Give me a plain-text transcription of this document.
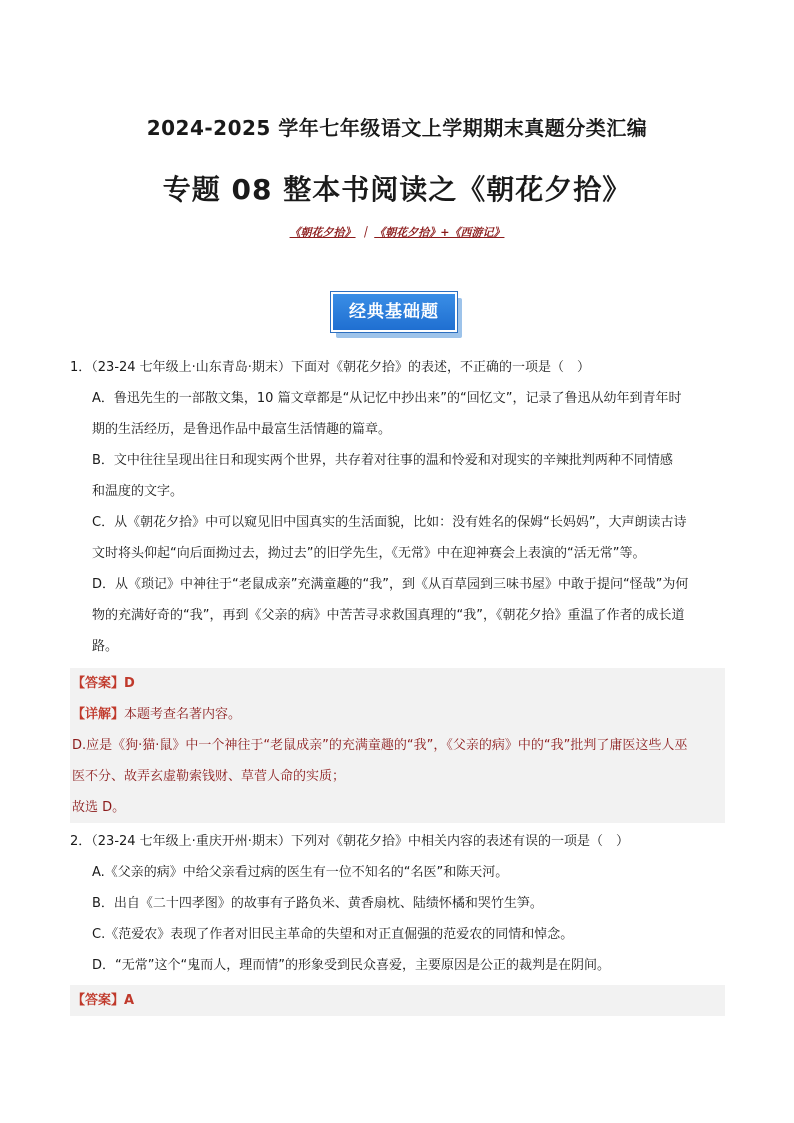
2024-2025 学年七年级语文上学期期末真题分类汇编
专题 08 整本书阅读之《朝花夕拾》
《朝花夕拾》 ｜ 《朝花夕拾》+《西游记》
经典基础题
1．（23-24 七年级上·山东青岛·期末）下面对《朝花夕拾》的表述，不正确的一项是（　）
A．鲁迅先生的一部散文集，10 篇文章都是“从记忆中抄出来”的“回忆文”，记录了鲁迅从幼年到青年时
期的生活经历，是鲁迅作品中最富生活情趣的篇章。
B．文中往往呈现出往日和现实两个世界，共存着对往事的温和怜爱和对现实的辛辣批判两种不同情感
和温度的文字。
C．从《朝花夕拾》中可以窥见旧中国真实的生活面貌，比如：没有姓名的保姆“长妈妈”，大声朗读古诗
文时将头仰起“向后面拗过去，拗过去”的旧学先生，《无常》中在迎神赛会上表演的“活无常”等。
D．从《琐记》中神往于“老鼠成亲”充满童趣的“我”，到《从百草园到三味书屋》中敢于提问“怪哉”为何
物的充满好奇的“我”，再到《父亲的病》中苦苦寻求救国真理的“我”，《朝花夕拾》重温了作者的成长道
路。
【答案】D
【详解】本题考查名著内容。
D.应是《狗·猫·鼠》中一个神往于“老鼠成亲”的充满童趣的“我”，《父亲的病》中的“我”批判了庸医这些人巫
医不分、故弄玄虚勒索钱财、草菅人命的实质；
故选 D。
2．（23-24 七年级上·重庆开州·期末）下列对《朝花夕拾》中相关内容的表述有误的一项是（　）
A.《父亲的病》中给父亲看过病的医生有一位不知名的“名医”和陈天河。
B．出自《二十四孝图》的故事有子路负米、黄香扇枕、陆绩怀橘和哭竹生笋。
C.《范爱农》表现了作者对旧民主革命的失望和对正直倔强的范爱农的同情和悼念。
D．“无常”这个“鬼而人，理而情”的形象受到民众喜爱，主要原因是公正的裁判是在阴间。
【答案】A
